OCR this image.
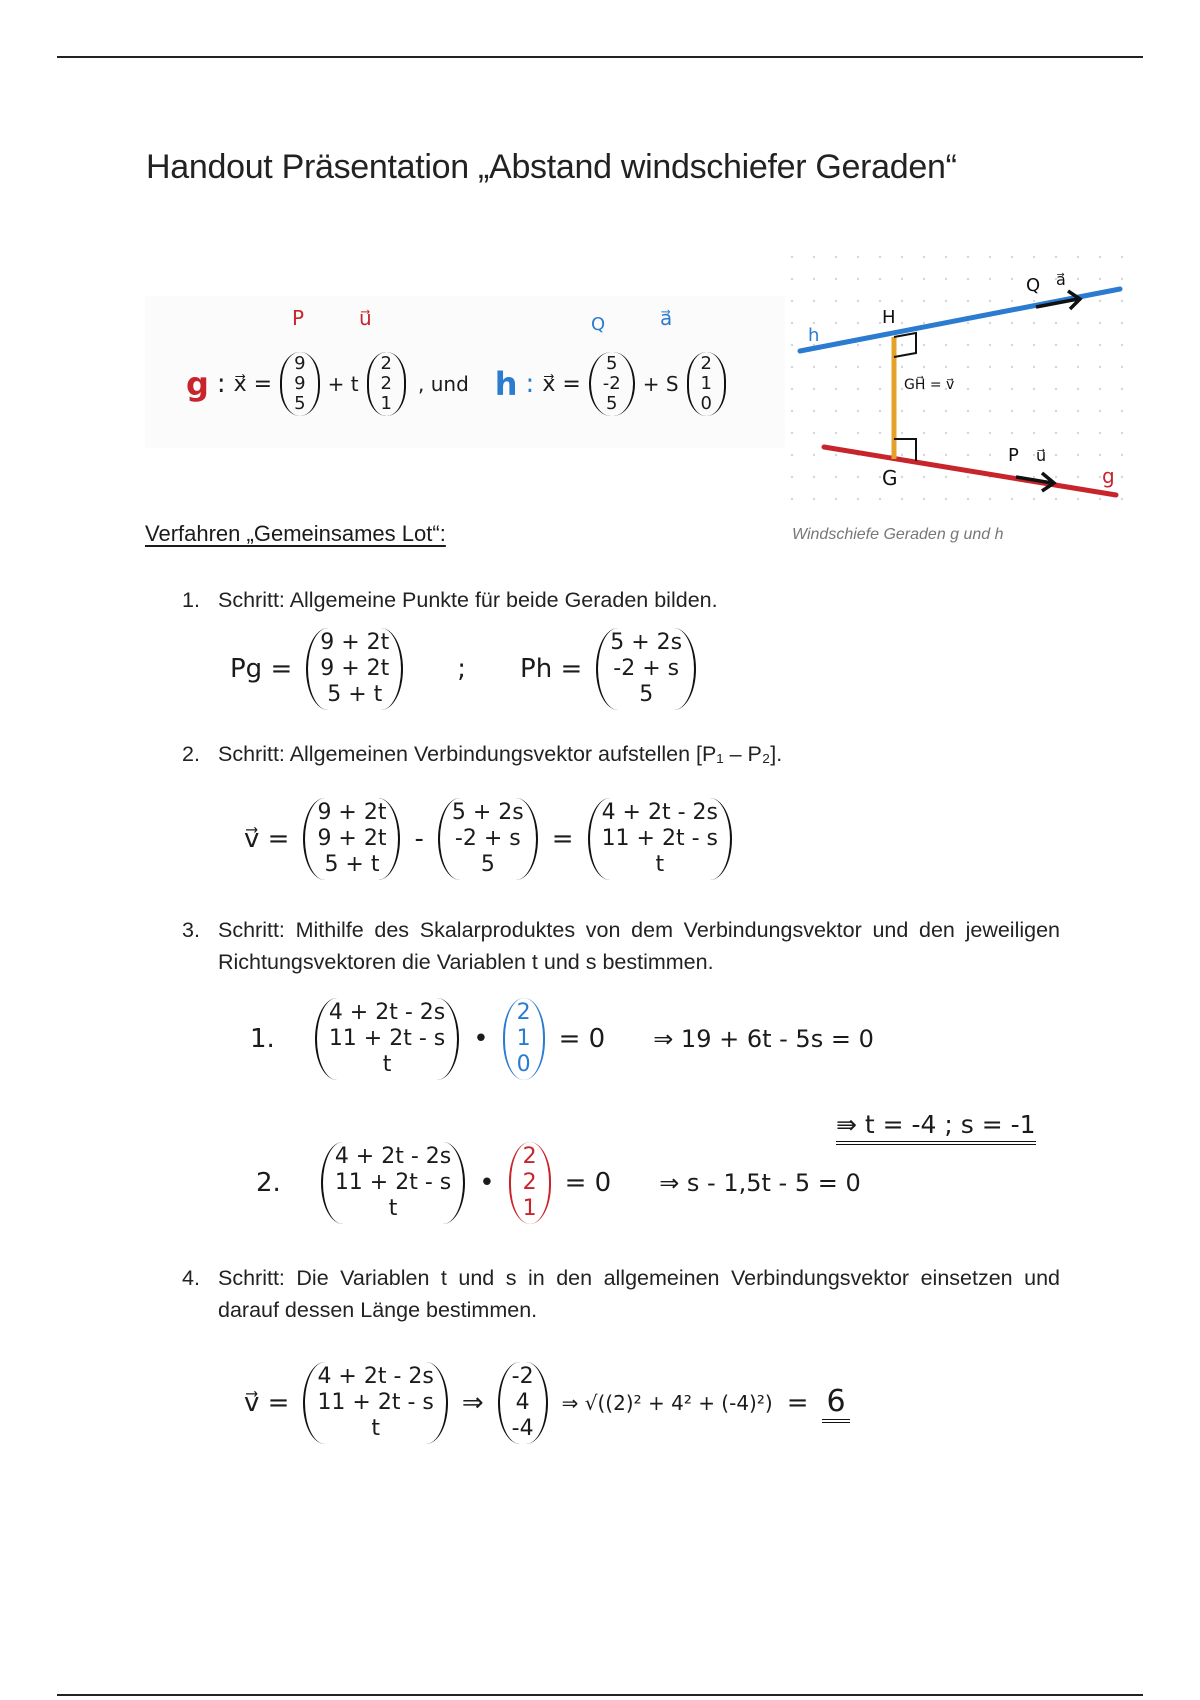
Handout Präsentation „Abstand windschiefer Geraden“
P	u⃗	Q	a⃗
g : x⃗ =
9
9
5
+ t
2
2
1
, und h : x⃗ =
5
-2
5
+ S
2
1
0
h
g
H
G
Q a⃗
P u⃗
GH⃗ = v⃗
Windschiefe Geraden g und h
Verfahren „Gemeinsames Lot“:
1. Schritt: Allgemeine Punkte für beide Geraden bilden.
Pg =
9 + 2t
9 + 2t
5 + t
; Ph =
5 + 2s
-2 + s
5
2. Schritt: Allgemeinen Verbindungsvektor aufstellen [P₁ – P₂].
v⃗ =
9 + 2t
9 + 2t
5 + t
-
5 + 2s
-2 + s
5
=
4 + 2t - 2s
11 + 2t - s
t
3. Schritt: Mithilfe des Skalarproduktes von dem Verbindungsvektor und den jeweiligen Richtungsvektoren die Variablen t und s bestimmen.
1.
4 + 2t - 2s
11 + 2t - s
t
•
2
1
0
= 0 ⇒ 19 + 6t - 5s = 0
⇛ t = -4 ; s = -1
2.
4 + 2t - 2s
11 + 2t - s
t
•
2
2
1
= 0 ⇒ s - 1,5t - 5 = 0
4. Schritt: Die Variablen t und s in den allgemeinen Verbindungsvektor einsetzen und darauf dessen Länge bestimmen.
v⃗ =
4 + 2t - 2s
11 + 2t - s
t
⇒
-2
4
-4
⇒ √((2)² + 4² + (-4)²) = 6
